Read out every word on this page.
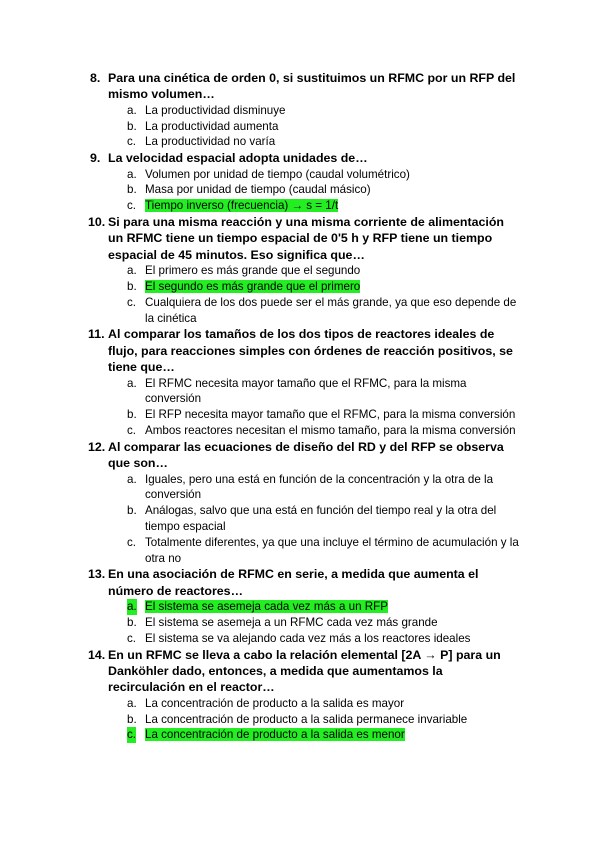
8. Para una cinética de orden 0, si sustituimos un RFMC por un RFP del mismo volumen…
a. La productividad disminuye
b. La productividad aumenta
c. La productividad no varía
9. La velocidad espacial adopta unidades de…
a. Volumen por unidad de tiempo (caudal volumétrico)
b. Masa por unidad de tiempo (caudal másico)
c. Tiempo inverso (frecuencia) → s = 1/t
10. Si para una misma reacción y una misma corriente de alimentación un RFMC tiene un tiempo espacial de 0'5 h y RFP tiene un tiempo espacial de 45 minutos. Eso significa que…
a. El primero es más grande que el segundo
b. El segundo es más grande que el primero
c. Cualquiera de los dos puede ser el más grande, ya que eso depende de la cinética
11. Al comparar los tamaños de los dos tipos de reactores ideales de flujo, para reacciones simples con órdenes de reacción positivos, se tiene que…
a. El RFMC necesita mayor tamaño que el RFMC, para la misma conversión
b. El RFP necesita mayor tamaño que el RFMC, para la misma conversión
c. Ambos reactores necesitan el mismo tamaño, para la misma conversión
12. Al comparar las ecuaciones de diseño del RD y del RFP se observa que son…
a. Iguales, pero una está en función de la concentración y la otra de la conversión
b. Análogas, salvo que una está en función del tiempo real y la otra del tiempo espacial
c. Totalmente diferentes, ya que una incluye el término de acumulación y la otra no
13. En una asociación de RFMC en serie, a medida que aumenta el número de reactores…
a. El sistema se asemeja cada vez más a un RFP
b. El sistema se asemeja a un RFMC cada vez más grande
c. El sistema se va alejando cada vez más a los reactores ideales
14. En un RFMC se lleva a cabo la relación elemental [2A → P] para un Danköhler dado, entonces, a medida que aumentamos la recirculación en el reactor…
a. La concentración de producto a la salida es mayor
b. La concentración de producto a la salida permanece invariable
c. La concentración de producto a la salida es menor
